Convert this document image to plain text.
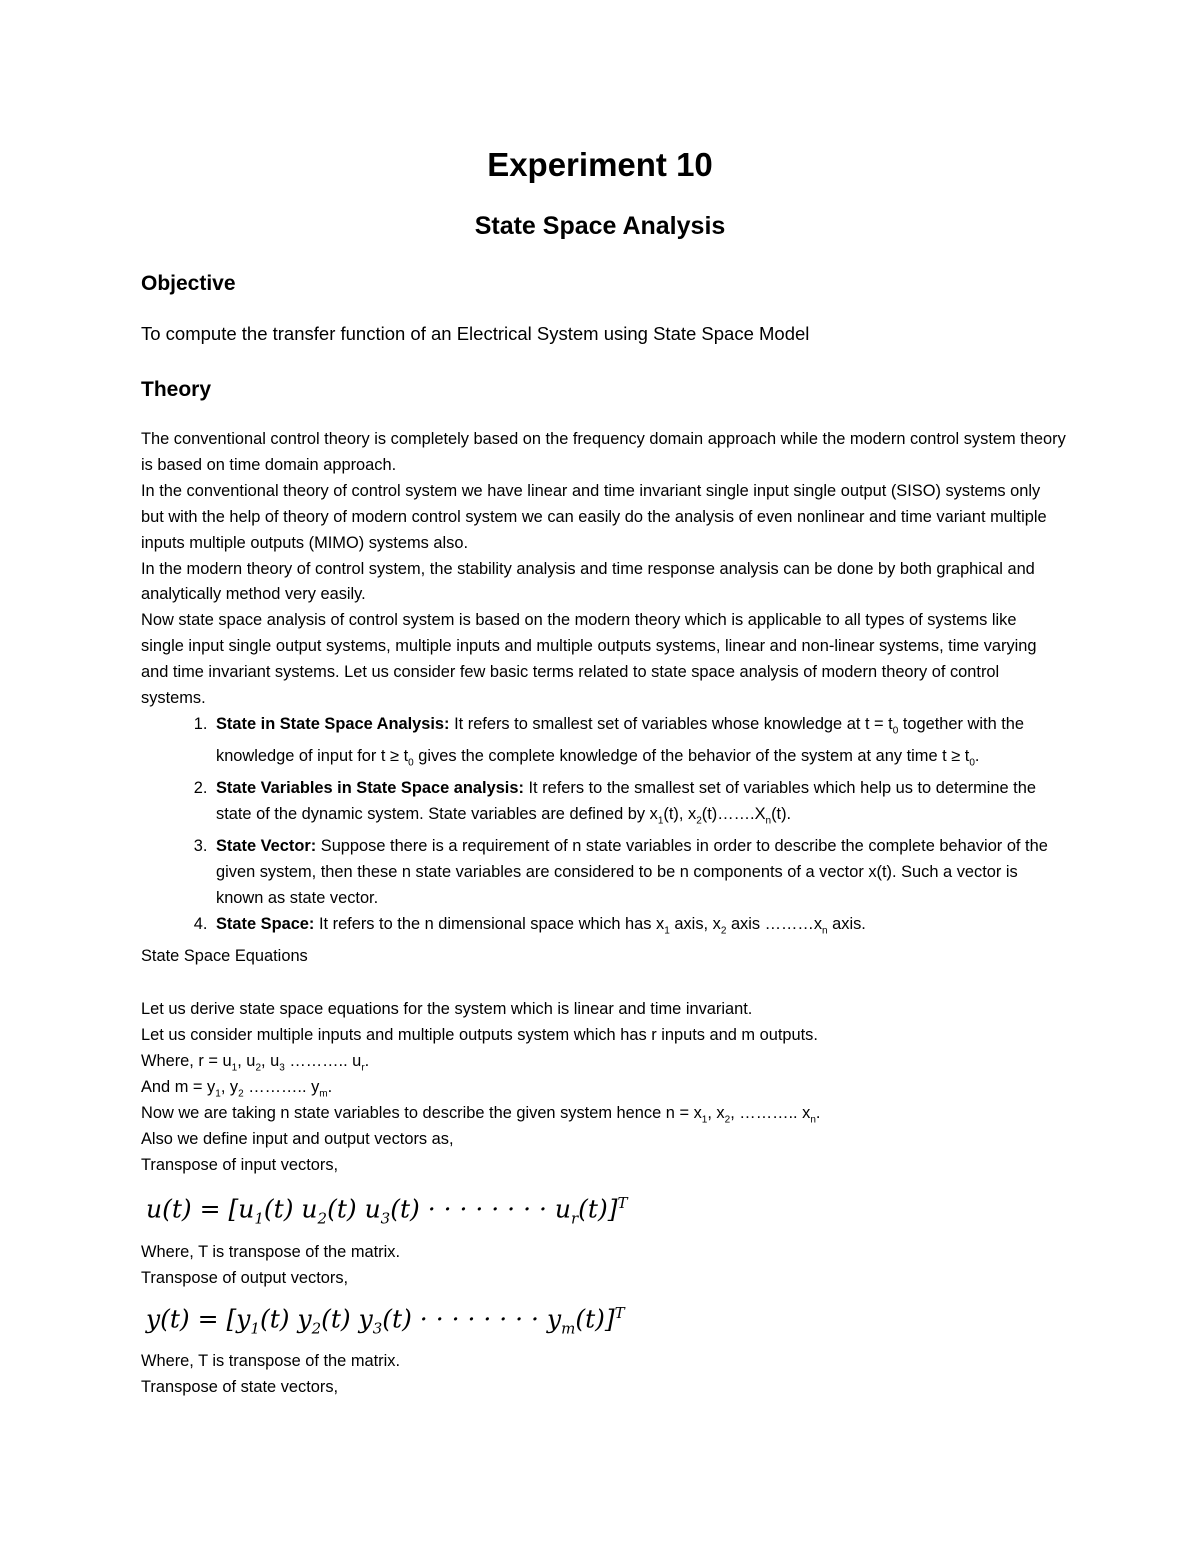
Experiment 10
State Space Analysis
Objective
To compute the transfer function of an Electrical System using State Space Model
Theory

The conventional control theory is completely based on the frequency domain approach while the modern control system theory is based on time domain approach.

In the conventional theory of control system we have linear and time invariant single input single output (SISO) systems only but with the help of theory of modern control system we can easily do the analysis of even nonlinear and time variant multiple inputs multiple outputs (MIMO) systems also.

In the modern theory of control system, the stability analysis and time response analysis can be done by both graphical and analytically method very easily.

Now state space analysis of control system is based on the modern theory which is applicable to all types of systems like single input single output systems, multiple inputs and multiple outputs systems, linear and non-linear systems, time varying and time invariant systems. Let us consider few basic terms related to state space analysis of modern theory of control systems.

1. State in State Space Analysis: It refers to smallest set of variables whose knowledge at $t = t_0$ together with the knowledge of input for $t \ge t_0$ gives the complete knowledge of the behavior of the system at any time $t \ge t_0$.
2. State Variables in State Space analysis: It refers to the smallest set of variables which help us to determine the state of the dynamic system. State variables are defined by $x_1(t)$, $x_2(t)\dots\dots.X_n(t)$.
3. State Vector: Suppose there is a requirement of n state variables in order to describe the complete behavior of the given system, then these n state variables are considered to be n components of a vector x(t). Such a vector is known as state vector.
4. State Space: It refers to the n dimensional space which has $x_1$ axis, $x_2$ axis $\dots\dots\dots x_n$ axis.

State Space Equations

Let us derive state space equations for the system which is linear and time invariant.
Let us consider multiple inputs and multiple outputs system which has r inputs and m outputs.
Where, $r = u_1$, $u_2$, $u_3$ ……….. $u_r$.
And $m = y_1$, $y_2$ ……….. $y_m$.
Now we are taking n state variables to describe the given system hence $n = x_1$, $x_2$, ……….. $x_n$.
Also we define input and output vectors as,
Transpose of input vectors,
$u(t) = [u_1(t)$ $u_2(t) u_3(t)$ · · · · · · · · $u_r(t)]^T$
Where, T is transpose of the matrix.
Transpose of output vectors,
$y(t) = [y_1(t)$ $y_2(t) y_3(t)$ · · · · · · · · $y_m(t)]^T$
Where, T is transpose of the matrix.
Transpose of state vectors,
